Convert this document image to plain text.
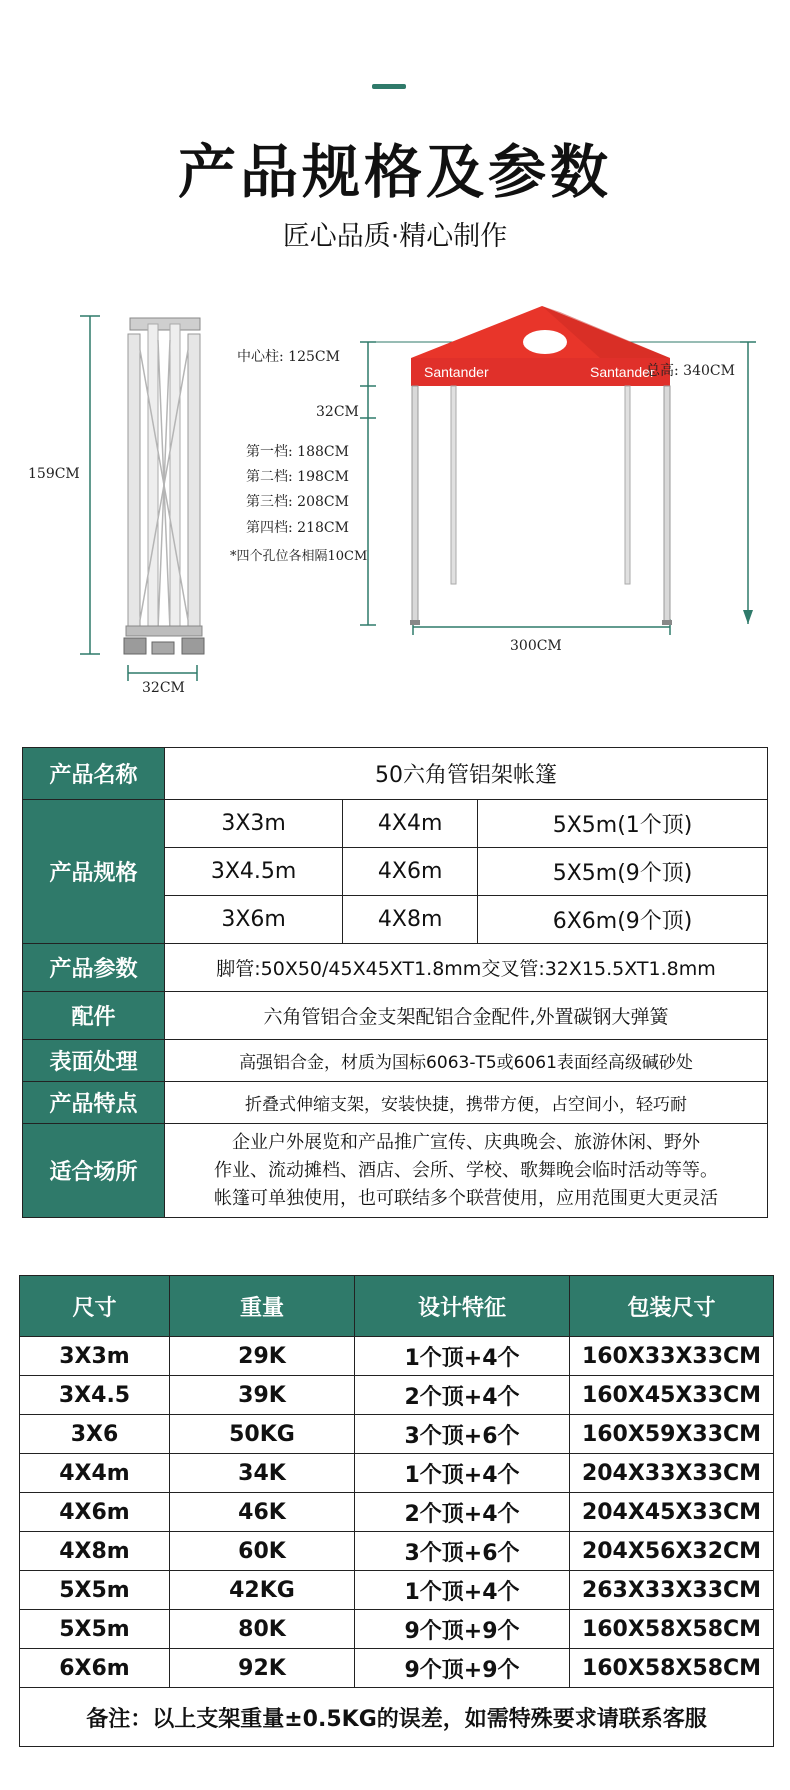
产品规格及参数
匠心品质·精心制作
Santander	Santander
159CM
32CM
中心柱: 125CM
32CM
第一档: 188CM
第二档: 198CM
第三档: 208CM
第四档: 218CM
*四个孔位各相隔10CM
总高: 340CM
300CM
产品名称	50六角管铝架帐篷		
产品规格	3X3m	4X4m	5X5m(1个顶)
	3X4.5m	4X6m	5X5m(9个顶)
	3X6m	4X8m	6X6m(9个顶)
产品参数	脚管:50X50/45X45XT1.8mm交叉管:32X15.5XT1.8mm		
配件	六角管铝合金支架配铝合金配件,外置碳钢大弹簧		
表面处理	高强铝合金，材质为国标6063-T5或6061表面经高级碱砂处		
产品特点	折叠式伸缩支架，安装快捷，携带方便，占空间小，轻巧耐		
适合场所	企业户外展览和产品推广宣传、庆典晚会、旅游休闲、野外
作业、流动摊档、酒店、会所、学校、歌舞晚会临时活动等等。
帐篷可单独使用，也可联结多个联营使用，应用范围更大更灵活		
尺寸	重量	设计特征	包装尺寸
3X3m	29K	1个顶+4个	160X33X33CM
3X4.5	39K	2个顶+4个	160X45X33CM
3X6	50KG	3个顶+6个	160X59X33CM
4X4m	34K	1个顶+4个	204X33X33CM
4X6m	46K	2个顶+4个	204X45X33CM
4X8m	60K	3个顶+6个	204X56X32CM
5X5m	42KG	1个顶+4个	263X33X33CM
5X5m	80K	9个顶+9个	160X58X58CM
6X6m	92K	9个顶+9个	160X58X58CM
备注：以上支架重量±0.5KG的误差，如需特殊要求请联系客服			
